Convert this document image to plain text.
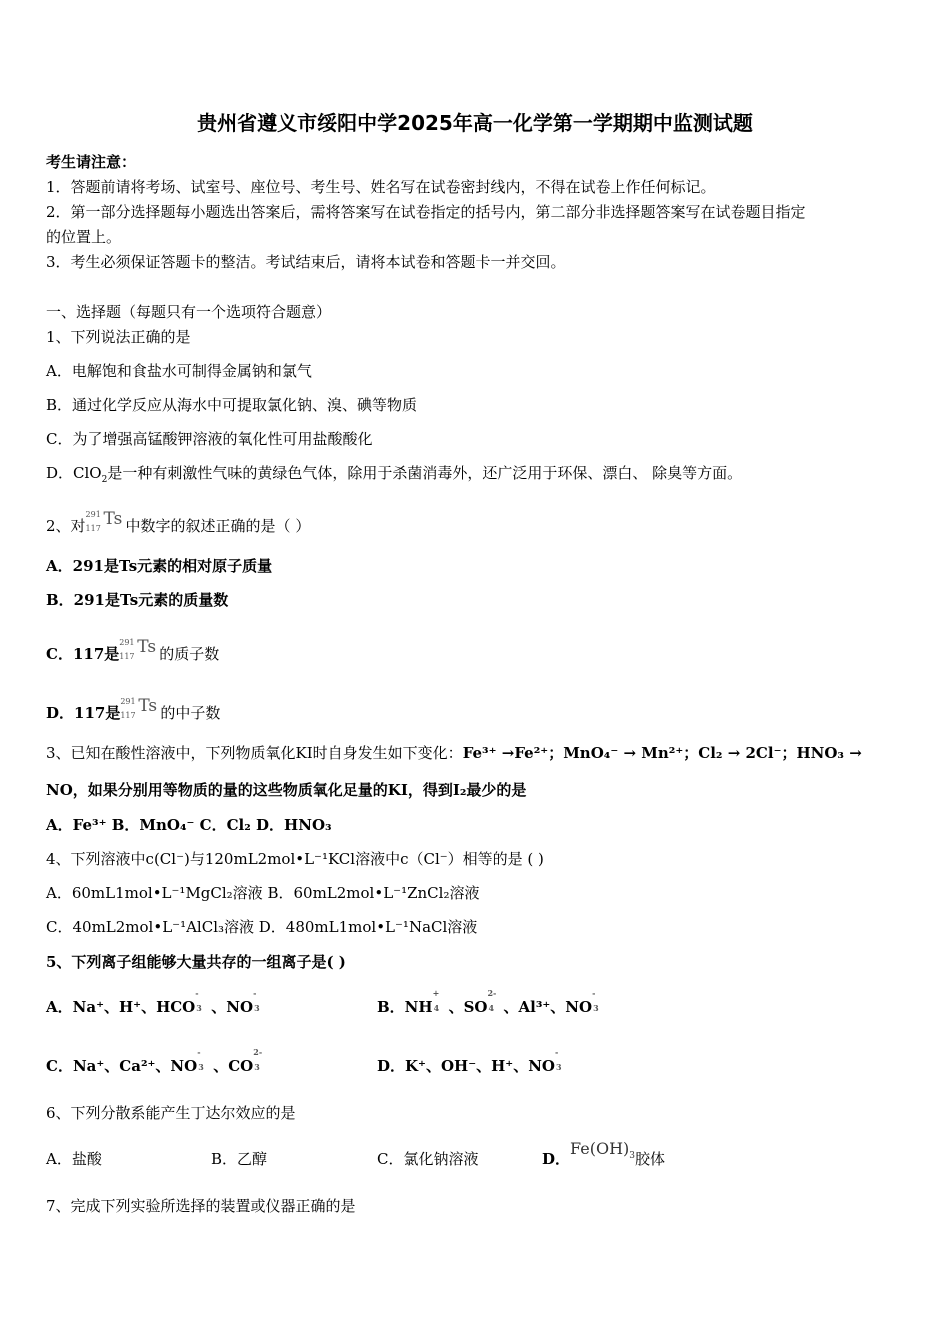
贵州省遵义市绥阳中学2025年高一化学第一学期期中监测试题
考生请注意：
1．答题前请将考场、试室号、座位号、考生号、姓名写在试卷密封线内，不得在试卷上作任何标记。
2．第一部分选择题每小题选出答案后，需将答案写在试卷指定的括号内，第二部分非选择题答案写在试卷题目指定
的位置上。
3．考生必须保证答题卡的整洁。考试结束后，请将本试卷和答题卡一并交回。
一、选择题（每题只有一个选项符合题意）
1、下列说法正确的是
A．电解饱和食盐水可制得金属钠和氯气
B．通过化学反应从海水中可提取氯化钠、溴、碘等物质
C．为了增强高锰酸钾溶液的氧化性可用盐酸酸化
D．ClO$_2$是一种有刺激性气味的黄绿色气体，除用于杀菌消毒外，还广泛用于环保、漂白、 除臭等方面。
2、对
291
117 Ts 中数字的叙述正确的是（ ）
A．291是Ts元素的相对原子质量
B．291是Ts元素的质量数
C．117是
291
117 Ts 的质子数
D．117是
291
117 Ts 的中子数
3、已知在酸性溶液中，下列物质氧化KI时自身发生如下变化：Fe³⁺ →Fe²⁺；MnO₄⁻ → Mn²⁺；Cl₂ → 2Cl⁻；HNO₃ →
NO，如果分别用等物质的量的这些物质氧化足量的KI，得到I₂最少的是
A．Fe³⁺ B．MnO₄⁻ C．Cl₂ D．HNO₃
4、下列溶液中c(Cl⁻)与120mL2mol•L⁻¹KCl溶液中c（Cl⁻）相等的是 ( )
A．60mL1mol•L⁻¹MgCl₂溶液 B．60mL2mol•L⁻¹ZnCl₂溶液
C．40mL2mol•L⁻¹AlCl₃溶液 D．480mL1mol•L⁻¹NaCl溶液
5、下列离子组能够大量共存的一组离子是( )
A．Na⁺、H⁺、HCO
-
3 、NO
-
3	B．NH
+
4 、SO
2-
4 、Al³⁺、NO
-
3
C．Na⁺、Ca²⁺、NO
-
3 、CO
2-
3	D．K⁺、OH⁻、H⁺、NO
-
3
6、下列分散系能产生丁达尔效应的是
A．盐酸	B．乙醇	C．氯化钠溶液	D．$Fe(OH)_3$胶体
7、完成下列实验所选择的装置或仪器正确的是
